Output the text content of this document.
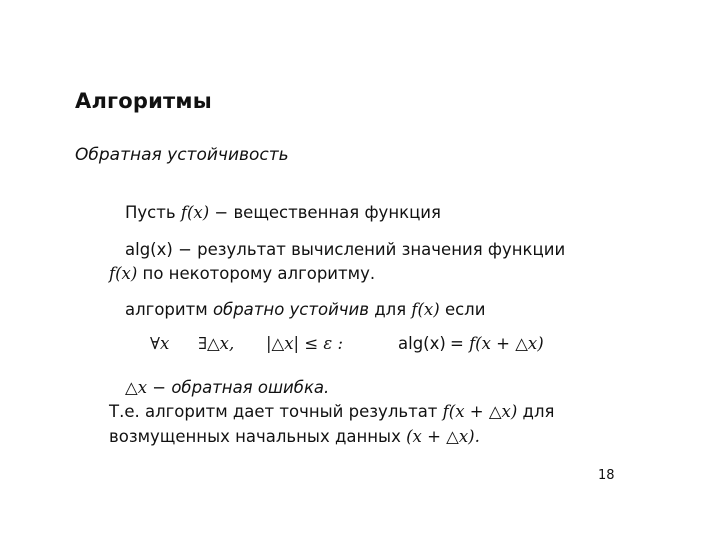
Алгоритмы
Обратная устойчивость
Пусть f(x) − вещественная функция
alg(x) − результат вычислений значения функции
f(x) по некоторому алгоритму.
алгоритм обратно устойчив для f(x) если
∀x ∃△x, |△x| ≤ ε :	alg(x) = f(x + △x)
△x − обратная ошибка.
Т.е. алгоритм дает точный результат f(x + △x) для
возмущенных начальных данных (x + △x).
18
